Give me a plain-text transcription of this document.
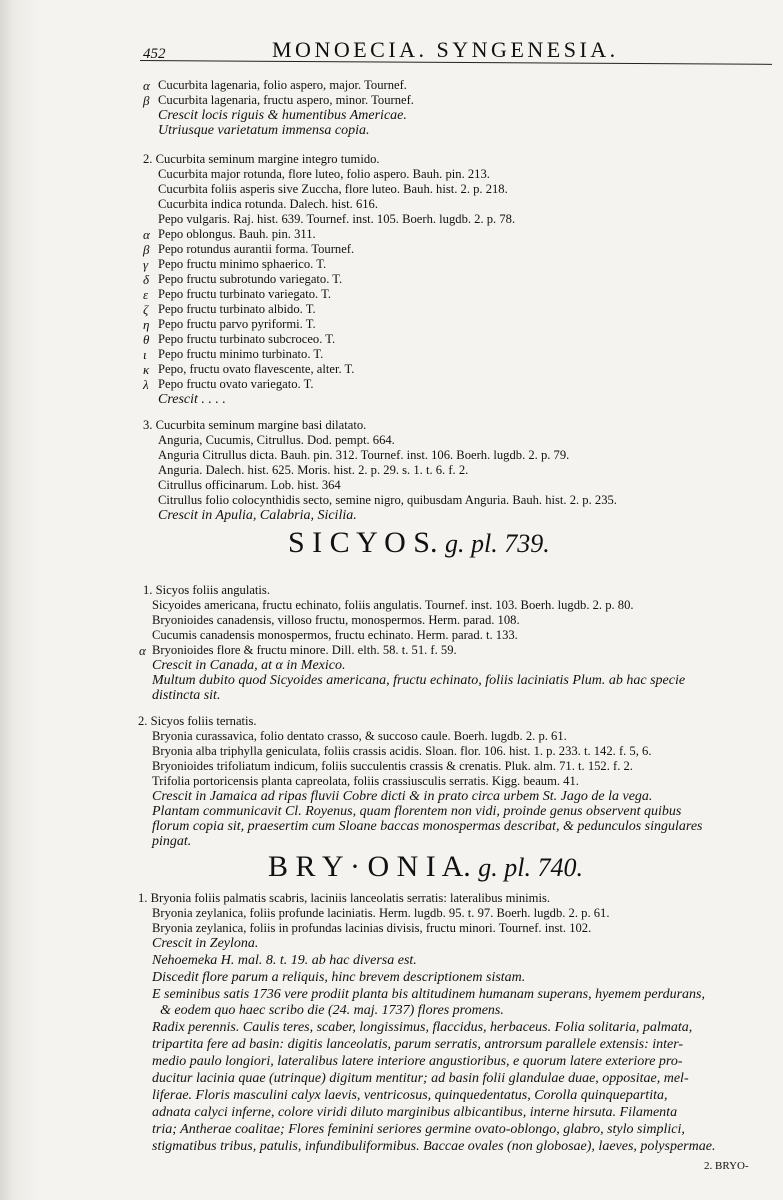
452	MONOECIA. SYNGENESIA.
Cucurbita lagenaria, folio aspero, major. Tournef.
Cucurbita lagenaria, fructu aspero, minor. Tournef.
Crescit locis riguis & humentibus Americae.
Utriusque varietatum immensa copia.
2. Cucurbita seminum margine integro tumido.
Cucurbita major rotunda, flore luteo, folio aspero. Bauh. pin. 213.
Cucurbita foliis asperis sive Zuccha, flore luteo. Bauh. hist. 2. p. 218.
Cucurbita indica rotunda. Dalech. hist. 616.
Pepo vulgaris. Raj. hist. 639. Tournef. inst. 105. Boerh. lugdb. 2. p. 78.
Pepo oblongus. Bauh. pin. 311.
Pepo rotundus aurantii forma. Tournef.
Pepo fructu minimo sphaerico. T.
Pepo fructu subrotundo variegato. T.
Pepo fructu turbinato variegato. T.
Pepo fructu turbinato albido. T.
Pepo fructu parvo pyriformi. T.
Pepo fructu turbinato subcroceo. T.
Pepo fructu minimo turbinato. T.
Pepo, fructu ovato flavescente, alter. T.
Pepo fructu ovato variegato. T.
Crescit . . . .
3. Cucurbita seminum margine basi dilatato.
Anguria, Cucumis, Citrullus. Dod. pempt. 664.
Anguria Citrullus dicta. Bauh. pin. 312. Tournef. inst. 106. Boerh. lugdb. 2. p. 79.
Anguria. Dalech. hist. 625. Moris. hist. 2. p. 29. s. 1. t. 6. f. 2.
Citrullus officinarum. Lob. hist. 364
Citrullus folio colocynthidis secto, semine nigro, quibusdam Anguria. Bauh. hist. 2. p. 235.
Crescit in Apulia, Calabria, Sicilia.
1. Sicyos foliis angulatis.
Sicyoides americana, fructu echinato, foliis angulatis. Tournef. inst. 103. Boerh. lugdb. 2. p. 80.
Bryonioides canadensis, villoso fructu, monospermos. Herm. parad. 108.
Cucumis canadensis monospermos, fructu echinato. Herm. parad. t. 133.
Bryonioides flore & fructu minore. Dill. elth. 58. t. 51. f. 59.
Crescit in Canada, at α in Mexico.
Multum dubito quod Sicyoides americana, fructu echinato, foliis laciniatis Plum. ab hac specie
distincta sit.
2. Sicyos foliis ternatis.
Bryonia curassavica, folio dentato crasso, & succoso caule. Boerh. lugdb. 2. p. 61.
Bryonia alba triphylla geniculata, foliis crassis acidis. Sloan. flor. 106. hist. 1. p. 233. t. 142. f. 5, 6.
Bryonioides trifoliatum indicum, foliis succulentis crassis & crenatis. Pluk. alm. 71. t. 152. f. 2.
Trifolia portoricensis planta capreolata, foliis crassiusculis serratis. Kigg. beaum. 41.
Crescit in Jamaica ad ripas fluvii Cobre dicti & in prato circa urbem St. Jago de la vega.
Plantam communicavit Cl. Royenus, quam florentem non vidi, proinde genus observent quibus
florum copia sit, praesertim cum Sloane baccas monospermas describat, & pedunculos singulares
pingat.
1. Bryonia foliis palmatis scabris, laciniis lanceolatis serratis: lateralibus minimis.
Bryonia zeylanica, foliis profunde laciniatis. Herm. lugdb. 95. t. 97. Boerh. lugdb. 2. p. 61.
Bryonia zeylanica, foliis in profundas lacinias divisis, fructu minori. Tournef. inst. 102.
Crescit in Zeylona.
Nehoemeka H. mal. 8. t. 19. ab hac diversa est.
Discedit flore parum a reliquis, hinc brevem descriptionem sistam.
E seminibus satis 1736 vere prodiit planta bis altitudinem humanam superans, hyemem perdurans,
& eodem quo haec scribo die (24. maj. 1737) flores promens.
Radix perennis. Caulis teres, scaber, longissimus, flaccidus, herbaceus. Folia solitaria, palmata,
tripartita fere ad basin: digitis lanceolatis, parum serratis, antrorsum parallele extensis: inter-
medio paulo longiori, lateralibus latere interiore angustioribus, e quorum latere exteriore pro-
ducitur lacinia quae (utrinque) digitum mentitur; ad basin folii glandulae duae, oppositae, mel-
liferae. Floris masculini calyx laevis, ventricosus, quinquedentatus, Corolla quinquepartita,
adnata calyci inferne, colore viridi diluto marginibus albicantibus, interne hirsuta. Filamenta
tria; Antherae coalitae; Flores feminini seriores germine ovato-oblongo, glabro, stylo simplici,
stigmatibus tribus, patulis, infundibuliformibus. Baccae ovales (non globosae), laeves, polyspermae.
α
β
α
β
γ
δ
ε
ζ
η
θ
ι
κ
λ
α
S I C Y O S. g. pl. 739.
B R Y · O N I A. g. pl. 740.
2. BRYO-
